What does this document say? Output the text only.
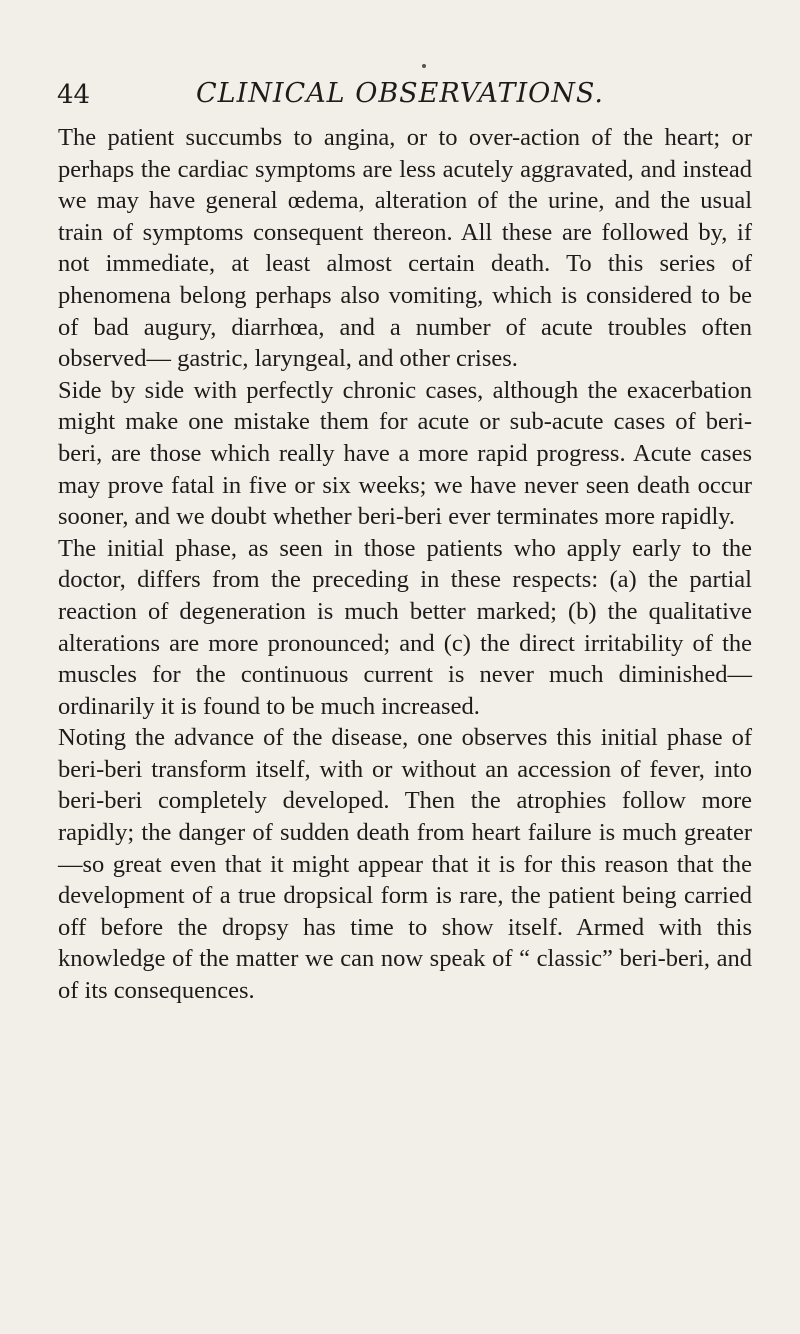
44	CLINICAL OBSERVATIONS.

The patient succumbs to angina, or to over-action of the heart; or perhaps the cardiac symptoms are less acutely aggravated, and instead we may have general œdema, alteration of the urine, and the usual train of symptoms consequent thereon. All these are followed by, if not immediate, at least almost certain death. To this series of phenomena belong perhaps also vomiting, which is considered to be of bad augury, diarrhœa, and a number of acute troubles often observed— gastric, laryngeal, and other crises.

Side by side with perfectly chronic cases, although the exacerbation might make one mistake them for acute or sub-acute cases of beri-beri, are those which really have a more rapid progress. Acute cases may prove fatal in five or six weeks; we have never seen death occur sooner, and we doubt whether beri-beri ever terminates more rapidly.

The initial phase, as seen in those patients who apply early to the doctor, differs from the preceding in these respects: (a) the partial reaction of degeneration is much better marked; (b) the qualitative alterations are more pronounced; and (c) the direct irritability of the muscles for the continuous current is never much diminished—ordinarily it is found to be much increased.

Noting the advance of the disease, one observes this initial phase of beri-beri transform itself, with or without an accession of fever, into beri-beri completely developed. Then the atrophies follow more rapidly; the danger of sudden death from heart failure is much greater—so great even that it might appear that it is for this reason that the development of a true dropsical form is rare, the patient being carried off before the dropsy has time to show itself. Armed with this knowledge of the matter we can now speak of “ classic” beri-beri, and of its consequences.
